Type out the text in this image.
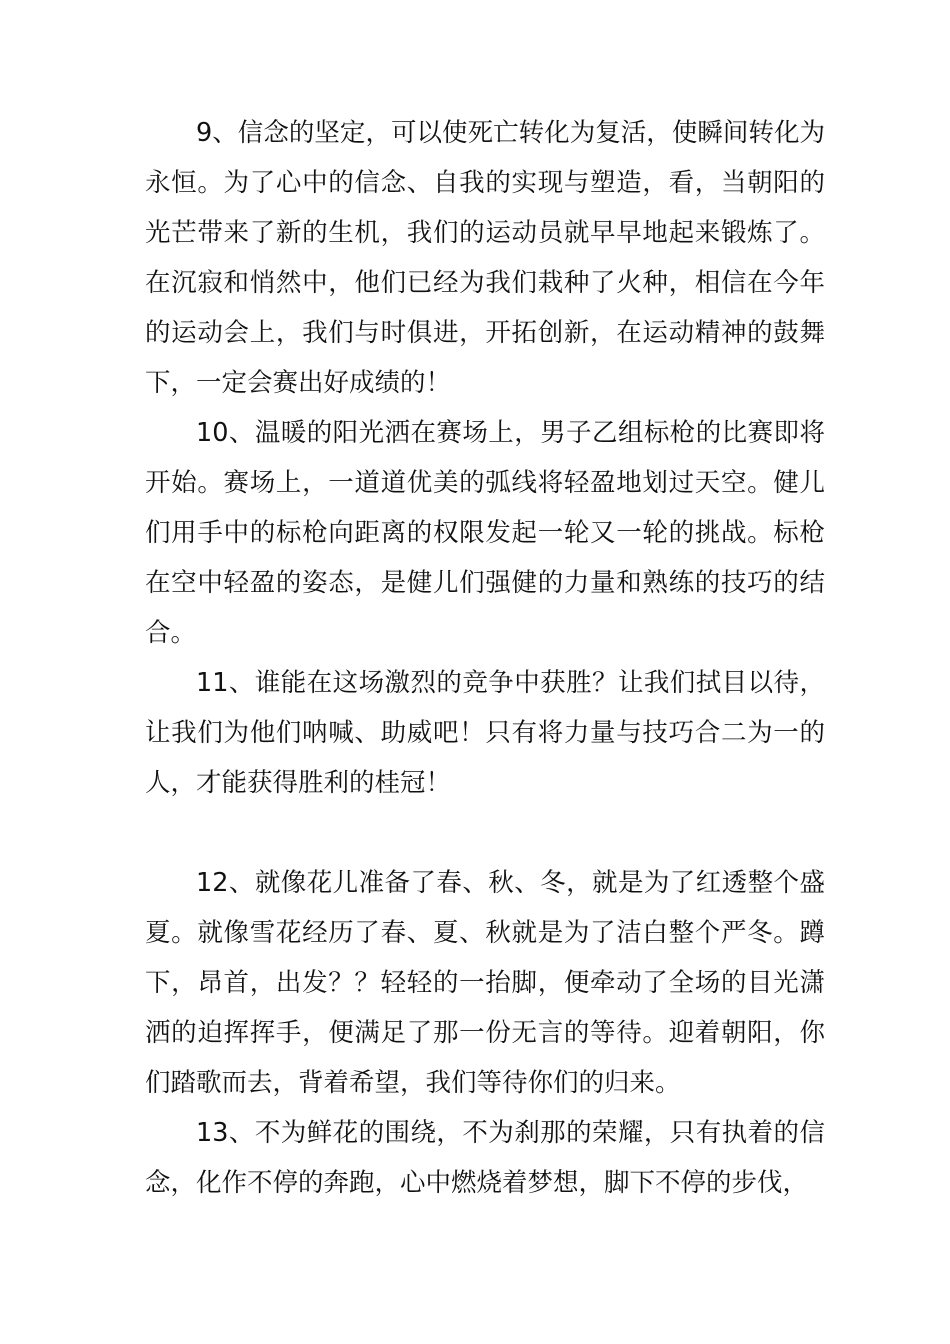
9、信念的坚定，可以使死亡转化为复活，使瞬间转化为永恒。为了心中的信念、自我的实现与塑造，看，当朝阳的光芒带来了新的生机，我们的运动员就早早地起来锻炼了。在沉寂和悄然中，他们已经为我们栽种了火种，相信在今年的运动会上，我们与时俱进，开拓创新，在运动精神的鼓舞下，一定会赛出好成绩的！

10、温暖的阳光洒在赛场上，男子乙组标枪的比赛即将开始。赛场上，一道道优美的弧线将轻盈地划过天空。健儿们用手中的标枪向距离的权限发起一轮又一轮的挑战。标枪在空中轻盈的姿态，是健儿们强健的力量和熟练的技巧的结合。

11、谁能在这场激烈的竞争中获胜？让我们拭目以待，让我们为他们呐喊、助威吧！只有将力量与技巧合二为一的人，才能获得胜利的桂冠！

12、就像花儿准备了春、秋、冬，就是为了红透整个盛夏。就像雪花经历了春、夏、秋就是为了洁白整个严冬。蹲下，昂首，出发？？轻轻的一抬脚，便牵动了全场的目光潇洒的迫挥挥手，便满足了那一份无言的等待。迎着朝阳，你们踏歌而去，背着希望，我们等待你们的归来。

13、不为鲜花的围绕，不为刹那的荣耀，只有执着的信念，化作不停的奔跑，心中燃烧着梦想，脚下不停的步伐，
